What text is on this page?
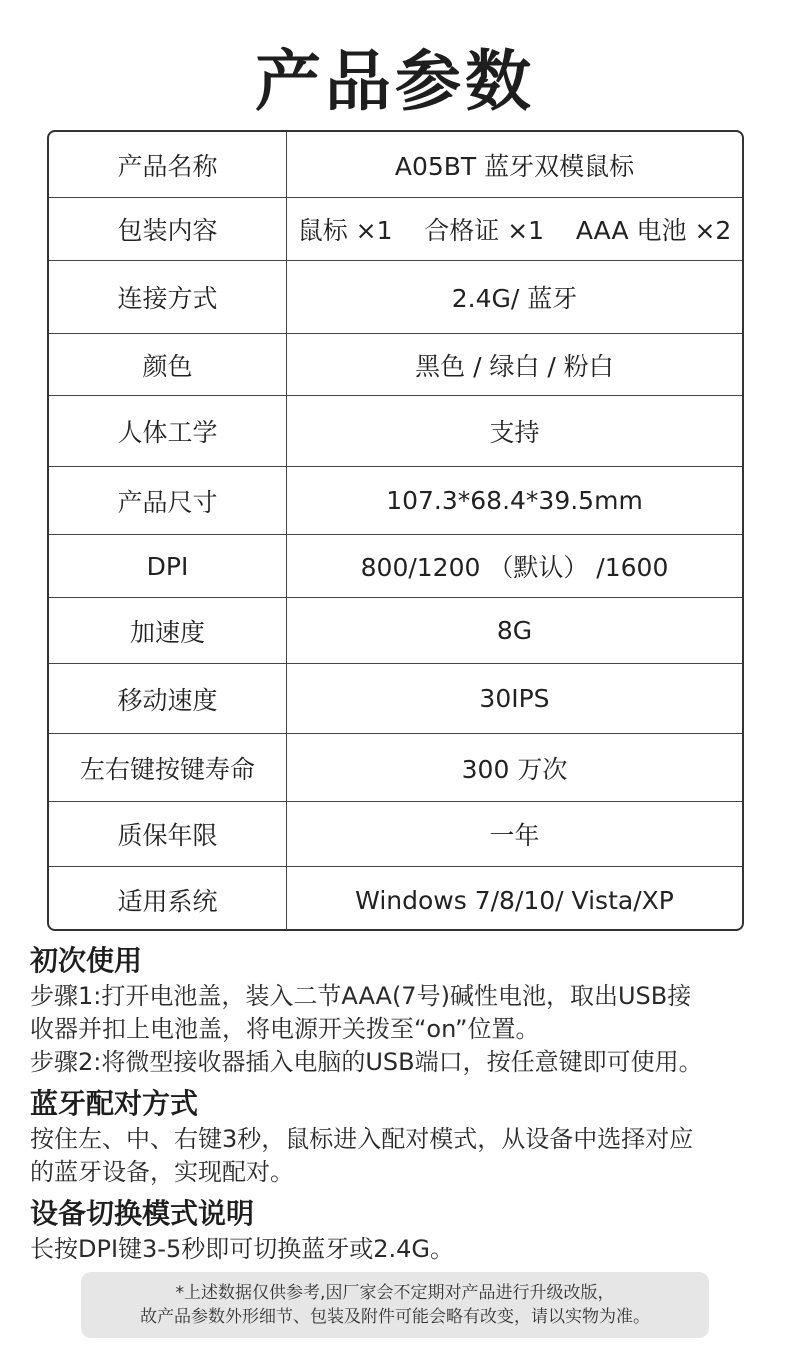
产品参数
产品名称	A05BT 蓝牙双模鼠标
包装内容	鼠标 ×1    合格证 ×1    AAA 电池 ×2
连接方式	2.4G/ 蓝牙
颜色	黑色 / 绿白 / 粉白
人体工学	支持
产品尺寸	107.3*68.4*39.5mm
DPI	800/1200 （默认） /1600
加速度	8G
移动速度	30IPS
左右键按键寿命	300 万次
质保年限	一年
适用系统	Windows 7/8/10/ Vista/XP

初次使用

步骤1:打开电池盖，装入二节AAA(7号)碱性电池，取出USB接

收器并扣上电池盖，将电源开关拨至“on”位置。

步骤2:将微型接收器插入电脑的USB端口，按任意键即可使用。

蓝牙配对方式

按住左、中、右键3秒，鼠标进入配对模式，从设备中选择对应

的蓝牙设备，实现配对。

设备切换模式说明

长按DPI键3-5秒即可切换蓝牙或2.4G。

*上述数据仅供参考,因厂家会不定期对产品进行升级改版，
故产品参数外形细节、包装及附件可能会略有改变，请以实物为准。
